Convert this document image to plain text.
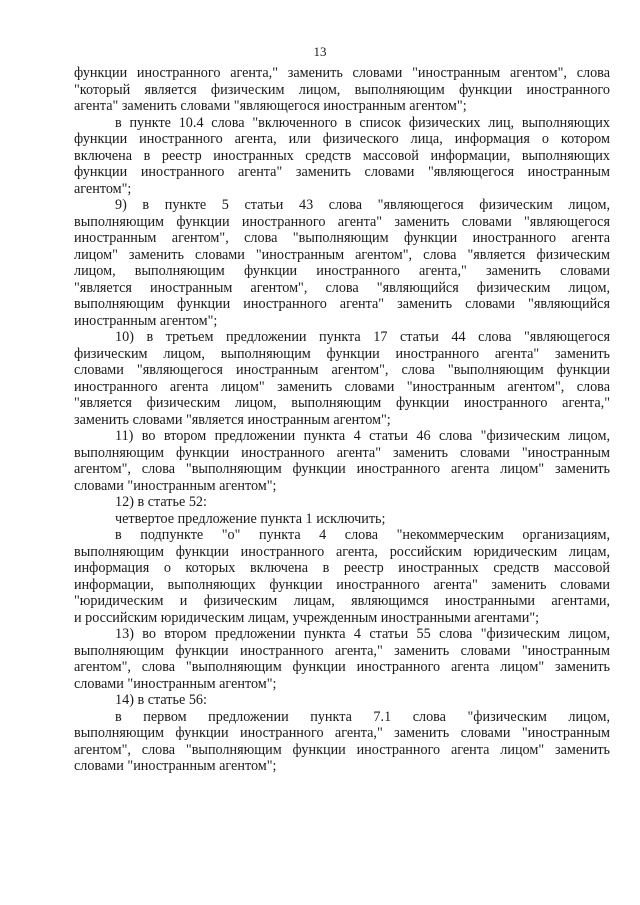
13
функции иностранного агента," заменить словами "иностранным агентом", слова
"который является физическим лицом, выполняющим функции иностранного
агента" заменить словами "являющегося иностранным агентом";
в пункте 10.4 слова "включенного в список физических лиц, выполняющих
функции иностранного агента, или физического лица, информация о котором
включена в реестр иностранных средств массовой информации, выполняющих
функции иностранного агента" заменить словами "являющегося иностранным
агентом";
9) в пункте 5 статьи 43 слова "являющегося физическим лицом,
выполняющим функции иностранного агента" заменить словами "являющегося
иностранным агентом", слова "выполняющим функции иностранного агента
лицом" заменить словами "иностранным агентом", слова "является физическим
лицом, выполняющим функции иностранного агента," заменить словами
"является иностранным агентом", слова "являющийся физическим лицом,
выполняющим функции иностранного агента" заменить словами "являющийся
иностранным агентом";
10) в третьем предложении пункта 17 статьи 44 слова "являющегося
физическим лицом, выполняющим функции иностранного агента" заменить
словами "являющегося иностранным агентом", слова "выполняющим функции
иностранного агента лицом" заменить словами "иностранным агентом", слова
"является физическим лицом, выполняющим функции иностранного агента,"
заменить словами "является иностранным агентом";
11) во втором предложении пункта 4 статьи 46 слова "физическим лицом,
выполняющим функции иностранного агента" заменить словами "иностранным
агентом", слова "выполняющим функции иностранного агента лицом" заменить
словами "иностранным агентом";
12) в статье 52:
четвертое предложение пункта 1 исключить;
в подпункте "о" пункта 4 слова "некоммерческим организациям,
выполняющим функции иностранного агента, российским юридическим лицам,
информация о которых включена в реестр иностранных средств массовой
информации, выполняющих функции иностранного агента" заменить словами
"юридическим и физическим лицам, являющимся иностранными агентами,
и российским юридическим лицам, учрежденным иностранными агентами";
13) во втором предложении пункта 4 статьи 55 слова "физическим лицом,
выполняющим функции иностранного агента," заменить словами "иностранным
агентом", слова "выполняющим функции иностранного агента лицом" заменить
словами "иностранным агентом";
14) в статье 56:
в первом предложении пункта 7.1 слова "физическим лицом,
выполняющим функции иностранного агента," заменить словами "иностранным
агентом", слова "выполняющим функции иностранного агента лицом" заменить
словами "иностранным агентом";
